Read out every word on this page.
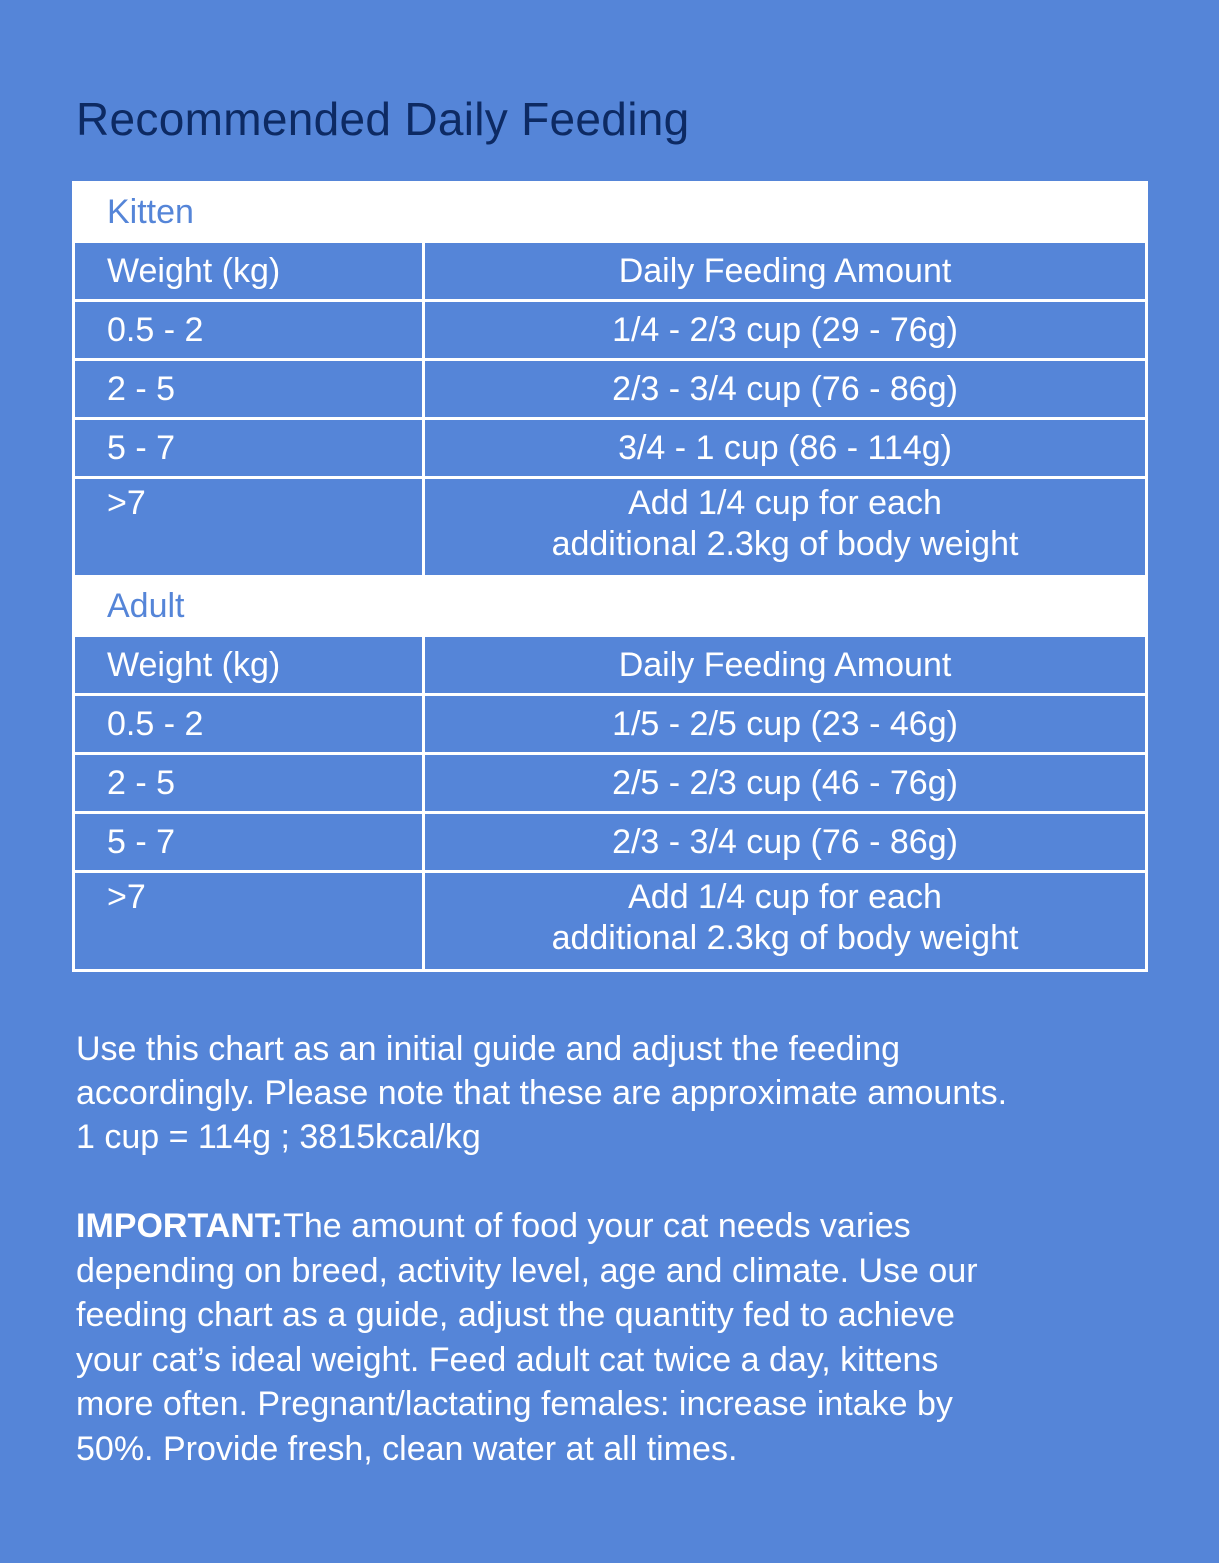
Recommended Daily Feeding
Kitten	
Weight (kg)	Daily Feeding Amount
0.5 - 2	1/4 - 2/3 cup (29 - 76g)
2 - 5	2/3 - 3/4 cup (76 - 86g)
5 - 7	3/4 - 1 cup (86 - 114g)
>7	Add 1/4 cup for each
additional 2.3kg of body weight

Adult	
Weight (kg)	Daily Feeding Amount
0.5 - 2	1/5 - 2/5 cup (23 - 46g)
2 - 5	2/5 - 2/3 cup (46 - 76g)
5 - 7	2/3 - 3/4 cup (76 - 86g)
>7	Add 1/4 cup for each
additional 2.3kg of body weight

Use this chart as an initial guide and adjust the feeding
accordingly. Please note that these are approximate amounts.
1 cup = 114g ; 3815kcal/kg

IMPORTANT:The amount of food your cat needs varies
depending on breed, activity level, age and climate. Use our
feeding chart as a guide, adjust the quantity fed to achieve
your cat’s ideal weight. Feed adult cat twice a day, kittens
more often. Pregnant/lactating females: increase intake by
50%. Provide fresh, clean water at all times.
